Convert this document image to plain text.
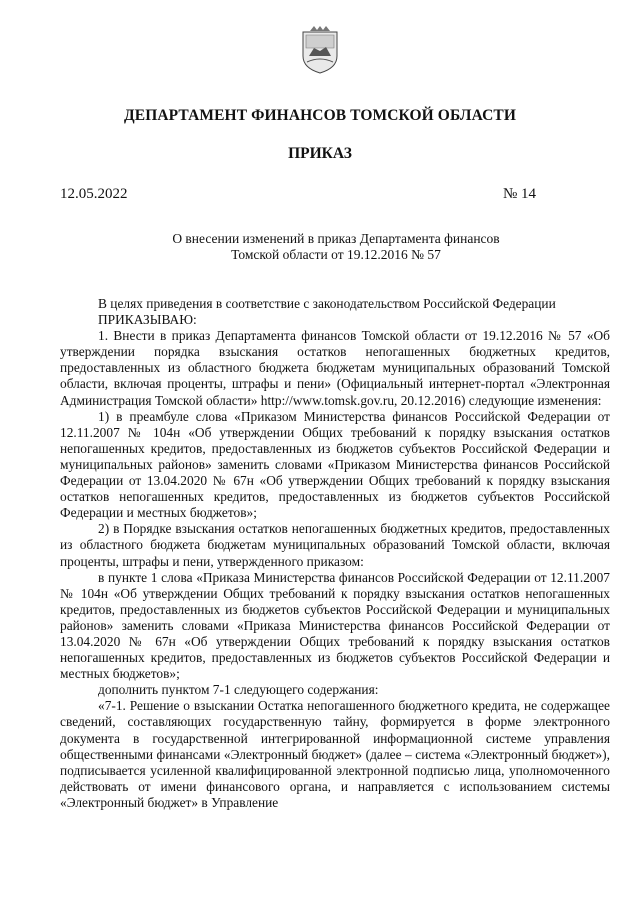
ДЕПАРТАМЕНТ ФИНАНСОВ ТОМСКОЙ ОБЛАСТИ
ПРИКАЗ
12.05.2022	№ 14
О внесении изменений в приказ Департамента финансов
Томской области от 19.12.2016 № 57

В целях приведения в соответствие с законодательством Российской Федерации

ПРИКАЗЫВАЮ:

1. Внести в приказ Департамента финансов Томской области от 19.12.2016 № 57 «Об утверждении порядка взыскания остатков непогашенных бюджетных кредитов, предоставленных из областного бюджета бюджетам муниципальных образований Томской области, включая проценты, штрафы и пени» (Официальный интернет-портал «Электронная Администрация Томской области» http://www.tomsk.gov.ru, 20.12.2016) следующие изменения:

1) в преамбуле слова «Приказом Министерства финансов Российской Федерации от 12.11.2007 № 104н «Об утверждении Общих требований к порядку взыскания остатков непогашенных кредитов, предоставленных из бюджетов субъектов Российской Федерации и муниципальных районов» заменить словами «Приказом Министерства финансов Российской Федерации от 13.04.2020 № 67н «Об утверждении Общих требований к порядку взыскания остатков непогашенных кредитов, предоставленных из бюджетов субъектов Российской Федерации и местных бюджетов»;

2) в Порядке взыскания остатков непогашенных бюджетных кредитов, предоставленных из областного бюджета бюджетам муниципальных образований Томской области, включая проценты, штрафы и пени, утвержденного приказом:

в пункте 1 слова «Приказа Министерства финансов Российской Федерации от 12.11.2007 № 104н «Об утверждении Общих требований к порядку взыскания остатков непогашенных кредитов, предоставленных из бюджетов субъектов Российской Федерации и муниципальных районов» заменить словами «Приказа Министерства финансов Российской Федерации от 13.04.2020 № 67н «Об утверждении Общих требований к порядку взыскания остатков непогашенных кредитов, предоставленных из бюджетов субъектов Российской Федерации и местных бюджетов»;

дополнить пунктом 7-1 следующего содержания:

«7-1. Решение о взыскании Остатка непогашенного бюджетного кредита, не содержащее сведений, составляющих государственную тайну, формируется в форме электронного документа в государственной интегрированной информационной системе управления общественными финансами «Электронный бюджет» (далее – система «Электронный бюджет»), подписывается усиленной квалифицированной электронной подписью лица, уполномоченного действовать от имени финансового органа, и направляется с использованием системы «Электронный бюджет» в Управление
